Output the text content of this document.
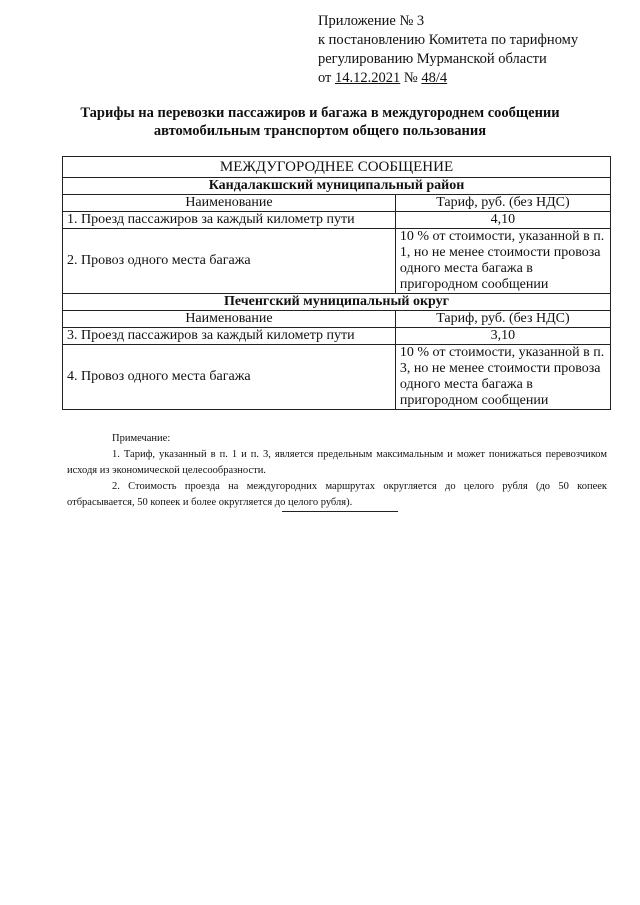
Приложение № 3
к постановлению Комитета по тарифному
регулированию Мурманской области
от 14.12.2021 № 48/4
Тарифы на перевозки пассажиров и багажа в междугороднем сообщении
автомобильным транспортом общего пользования
МЕЖДУГОРОДНЕЕ СООБЩЕНИЕ	
Кандалакшский муниципальный район	
Наименование	Тариф, руб. (без НДС)
1. Проезд пассажиров за каждый километр пути	4,10
2. Провоз одного места багажа	10 % от стоимости, указанной в п. 1, но не менее стоимости провоза одного места багажа в пригородном сообщении
Печенгский муниципальный округ	
Наименование	Тариф, руб. (без НДС)
3. Проезд пассажиров за каждый километр пути	3,10
4. Провоз одного места багажа	10 % от стоимости, указанной в п. 3, но не менее стоимости провоза одного места багажа в пригородном сообщении

Примечание:

1. Тариф, указанный в п. 1 и п. 3, является предельным максимальным и может понижаться перевозчиком исходя из экономической целесообразности.

2. Стоимость проезда на междугородних маршрутах округляется до целого рубля (до 50 копеек отбрасывается, 50 копеек и более округляется до целого рубля).
